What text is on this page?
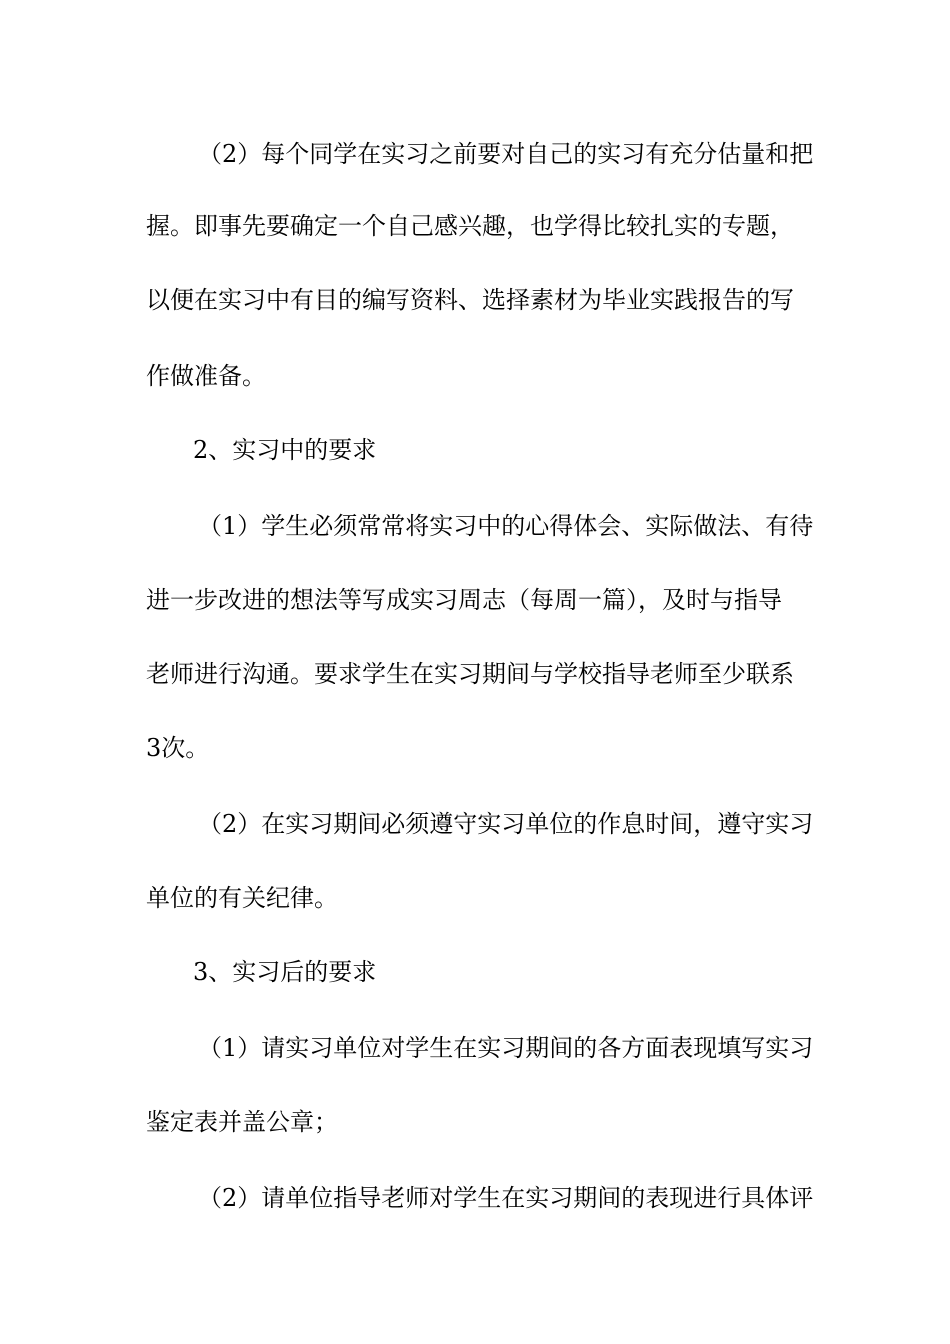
（2）每个同学在实习之前要对自己的实习有充分估量和把
握。即事先要确定一个自己感兴趣，也学得比较扎实的专题，
以便在实习中有目的编写资料、选择素材为毕业实践报告的写
作做准备。
2、实习中的要求
（1）学生必须常常将实习中的心得体会、实际做法、有待
进一步改进的想法等写成实习周志（每周一篇），及时与指导
老师进行沟通。要求学生在实习期间与学校指导老师至少联系
3次。
（2）在实习期间必须遵守实习单位的作息时间，遵守实习
单位的有关纪律。
3、实习后的要求
（1）请实习单位对学生在实习期间的各方面表现填写实习
鉴定表并盖公章；
（2）请单位指导老师对学生在实习期间的表现进行具体评
